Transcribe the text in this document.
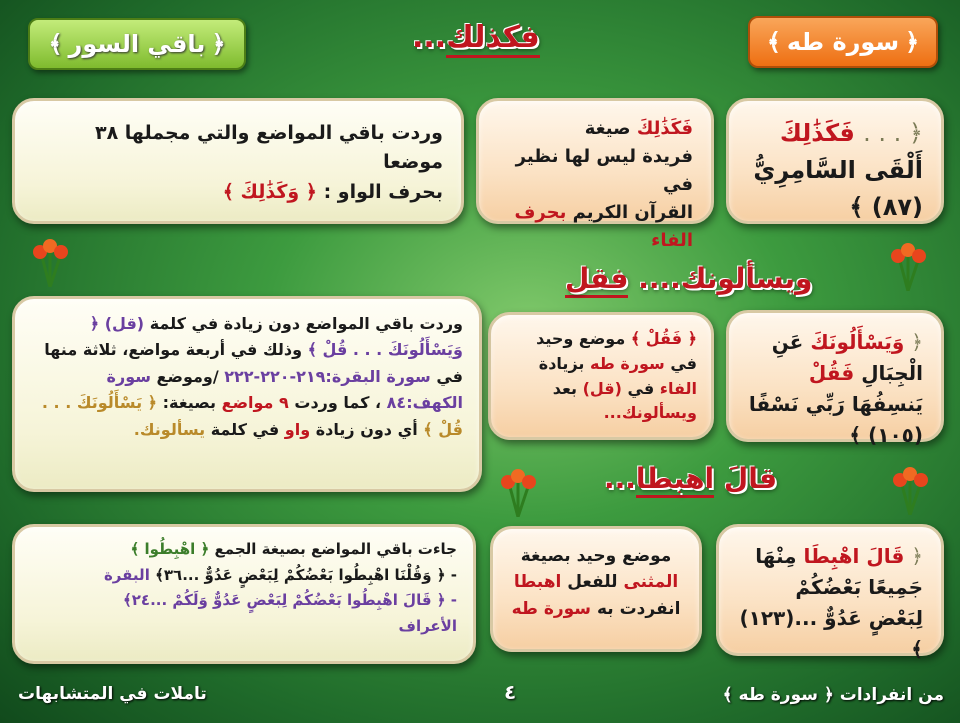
﴿
سورة طه
﴾
﴿
باقي السور
﴾	فكذلك...
﴿ . . . فَكَذَٰلِكَ أَلْقَى السَّامِرِيُّ (٨٧) ﴾
فَكَذَٰلِكَ صيغة
فريدة ليس لها نظير في
القرآن الكريم بحرف الفاء
وردت باقي المواضع والتي مجملها ٣٨ موضعا
بحرف الواو : ﴿ وَكَذَٰلِكَ ﴾
ويسألونك.... فقل
﴿ وَيَسْأَلُونَكَ عَنِ الْجِبَالِ فَقُلْ يَنسِفُهَا رَبِّي نَسْفًا (١٠٥) ﴾
﴿ فَقُلْ ﴾ موضع وحيد في سورة طه بزيادة الفاء في (قل) بعد ويسألونك...
وردت باقي المواضع دون زيادة في كلمة (قل) ﴿ وَيَسْأَلُونَكَ . . . قُلْ ﴾ وذلك في أربعة مواضع، ثلاثة منها في سورة البقرة:٢١٩-٢٢٠-٢٢٢ /وموضع سورة الكهف:٨٤ ، كما وردت ٩ مواضع بصيغة: ﴿ يَسْأَلُونَكَ . . . قُلْ ﴾ أي دون زيادة واو في كلمة يسألونك.
قالَ اهبطا...
﴿ قَالَ اهْبِطَا مِنْهَا جَمِيعًا بَعْضُكُمْ لِبَعْضٍ عَدُوٌّ ...(١٢٣) ﴾
موضع وحيد بصيغة
المثنى للفعل اهبطا
انفردت به سورة طه
جاءت باقي المواضع بصيغة الجمع ﴿ اهْبِطُوا ﴾
- ﴿ وَقُلْنَا اهْبِطُوا بَعْضُكُمْ لِبَعْضٍ عَدُوٌّ ...٣٦﴾ البقرة
- ﴿ قَالَ اهْبِطُوا بَعْضُكُمْ لِبَعْضٍ عَدُوٌّ وَلَكُمْ ...٢٤﴾
الأعراف
تاملات في المتشابهات	٤	من انفرادات ﴿ سورة طه ﴾
